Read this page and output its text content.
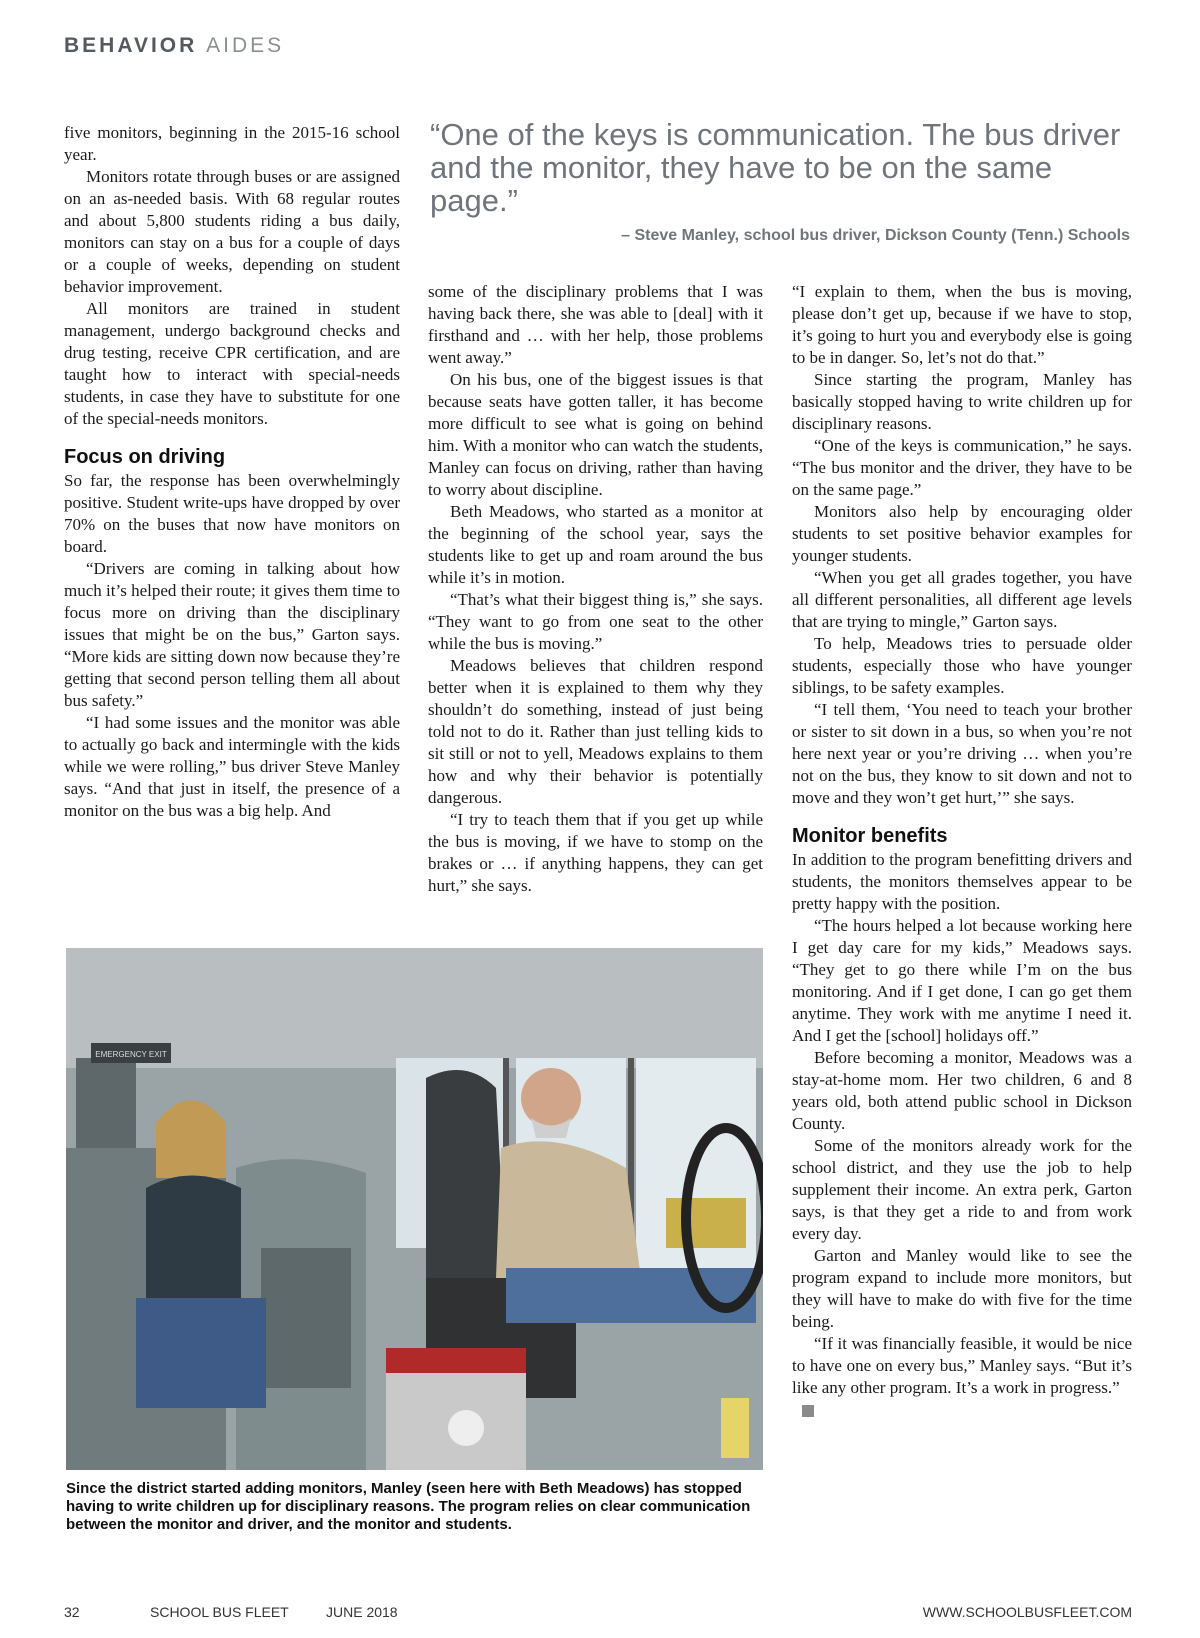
BEHAVIOR AIDES
“One of the keys is communication. The bus driver and the monitor, they have to be on the same page.”
– Steve Manley, school bus driver, Dickson County (Tenn.) Schools

five monitors, beginning in the 2015-16 school year.

Monitors rotate through buses or are assigned on an as-needed basis. With 68 regular routes and about 5,800 students riding a bus daily, monitors can stay on a bus for a couple of days or a couple of weeks, depending on student behavior improvement.

All monitors are trained in student management, undergo background checks and drug testing, receive CPR certification, and are taught how to interact with special-needs students, in case they have to substitute for one of the special-needs monitors.

Focus on driving

So far, the response has been overwhelmingly positive. Student write-ups have dropped by over 70% on the buses that now have monitors on board.

“Drivers are coming in talking about how much it’s helped their route; it gives them time to focus more on driving than the disciplinary issues that might be on the bus,” Garton says. “More kids are sitting down now because they’re getting that second person telling them all about bus safety.”

“I had some issues and the monitor was able to actually go back and intermingle with the kids while we were rolling,” bus driver Steve Manley says. “And that just in itself, the presence of a monitor on the bus was a big help. And

some of the disciplinary problems that I was having back there, she was able to [deal] with it firsthand and … with her help, those problems went away.”

On his bus, one of the biggest issues is that because seats have gotten taller, it has become more difficult to see what is going on behind him. With a monitor who can watch the students, Manley can focus on driving, rather than having to worry about discipline.

Beth Meadows, who started as a monitor at the beginning of the school year, says the students like to get up and roam around the bus while it’s in motion.

“That’s what their biggest thing is,” she says. “They want to go from one seat to the other while the bus is moving.”

Meadows believes that children respond better when it is explained to them why they shouldn’t do something, instead of just being told not to do it. Rather than just telling kids to sit still or not to yell, Meadows explains to them how and why their behavior is potentially dangerous.

“I try to teach them that if you get up while the bus is moving, if we have to stomp on the brakes or … if anything happens, they can get hurt,” she says.

“I explain to them, when the bus is moving, please don’t get up, because if we have to stop, it’s going to hurt you and everybody else is going to be in danger. So, let’s not do that.”

Since starting the program, Manley has basically stopped having to write children up for disciplinary reasons.

“One of the keys is communication,” he says. “The bus monitor and the driver, they have to be on the same page.”

Monitors also help by encouraging older students to set positive behavior examples for younger students.

“When you get all grades together, you have all different personalities, all different age levels that are trying to mingle,” Garton says.

To help, Meadows tries to persuade older students, especially those who have younger siblings, to be safety examples.

“I tell them, ‘You need to teach your brother or sister to sit down in a bus, so when you’re not here next year or you’re driving … when you’re not on the bus, they know to sit down and not to move and they won’t get hurt,’” she says.

Monitor benefits

In addition to the program benefitting drivers and students, the monitors themselves appear to be pretty happy with the position.

“The hours helped a lot because working here I get day care for my kids,” Meadows says. “They get to go there while I’m on the bus monitoring. And if I get done, I can go get them anytime. They work with me anytime I need it. And I get the [school] holidays off.”

Before becoming a monitor, Meadows was a stay-at-home mom. Her two children, 6 and 8 years old, both attend public school in Dickson County.

Some of the monitors already work for the school district, and they use the job to help supplement their income. An extra perk, Garton says, is that they get a ride to and from work every day.

Garton and Manley would like to see the program expand to include more monitors, but they will have to make do with five for the time being.

“If it was financially feasible, it would be nice to have one on every bus,” Manley says. “But it’s like any other program. It’s a work in progress.”

EMERGENCY EXIT
Since the district started adding monitors, Manley (seen here with Beth Meadows) has stopped having to write children up for disciplinary reasons. The program relies on clear communication between the monitor and driver, and the monitor and students.
32	SCHOOL BUS FLEET	JUNE 2018	WWW.SCHOOLBUSFLEET.COM
